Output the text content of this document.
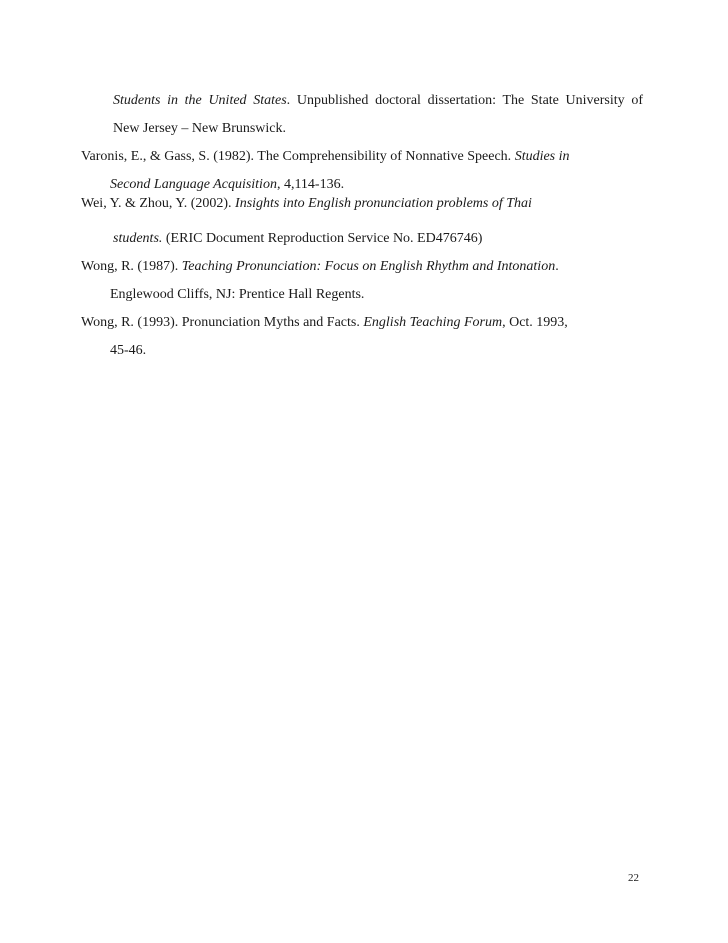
Students in the United States. Unpublished doctoral dissertation: The State University of
New Jersey – New Brunswick.
Varonis, E., & Gass, S. (1982). The Comprehensibility of Nonnative Speech. Studies in
Second Language Acquisition, 4,114-136.
Wei, Y. & Zhou, Y. (2002). Insights into English pronunciation problems of Thai
students. (ERIC Document Reproduction Service No. ED476746)
Wong, R. (1987). Teaching Pronunciation: Focus on English Rhythm and Intonation.
Englewood Cliffs, NJ: Prentice Hall Regents.
Wong, R. (1993). Pronunciation Myths and Facts. English Teaching Forum, Oct. 1993,
45-46.
22
